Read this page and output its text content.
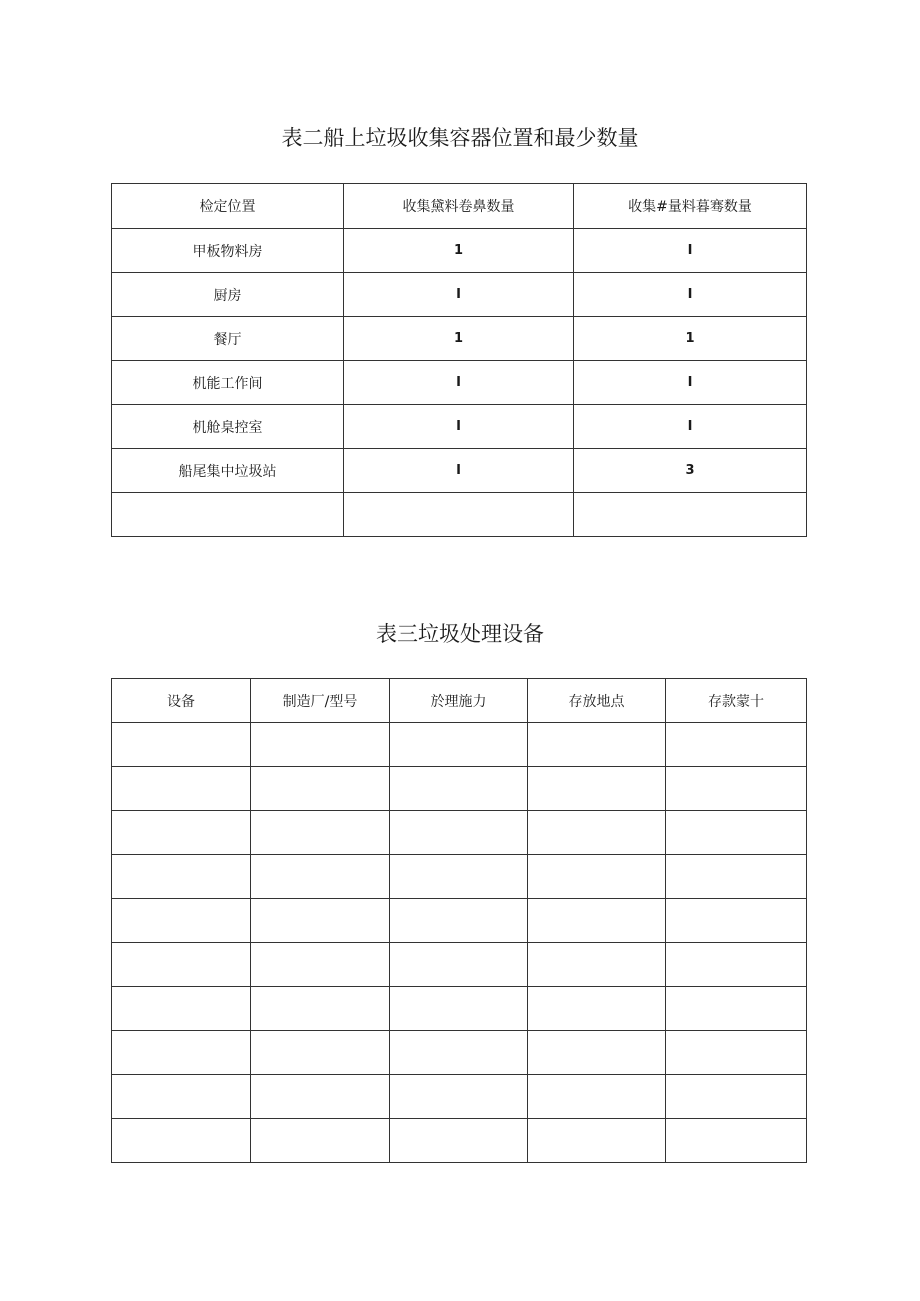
表二船上垃圾收集容器位置和最少数量
检定位置	收集黛料卷鼻数量	收集#量料暮骞数量
甲板物料房	1	I
厨房	I	I
餐厅	1	1
机能工作间	I	I
机舱臬控室	I	I
船尾集中垃圾站	I	3

表三垃圾处理设备
设备	制造厂/型号	於理施力	存放地点	存款蒙十
